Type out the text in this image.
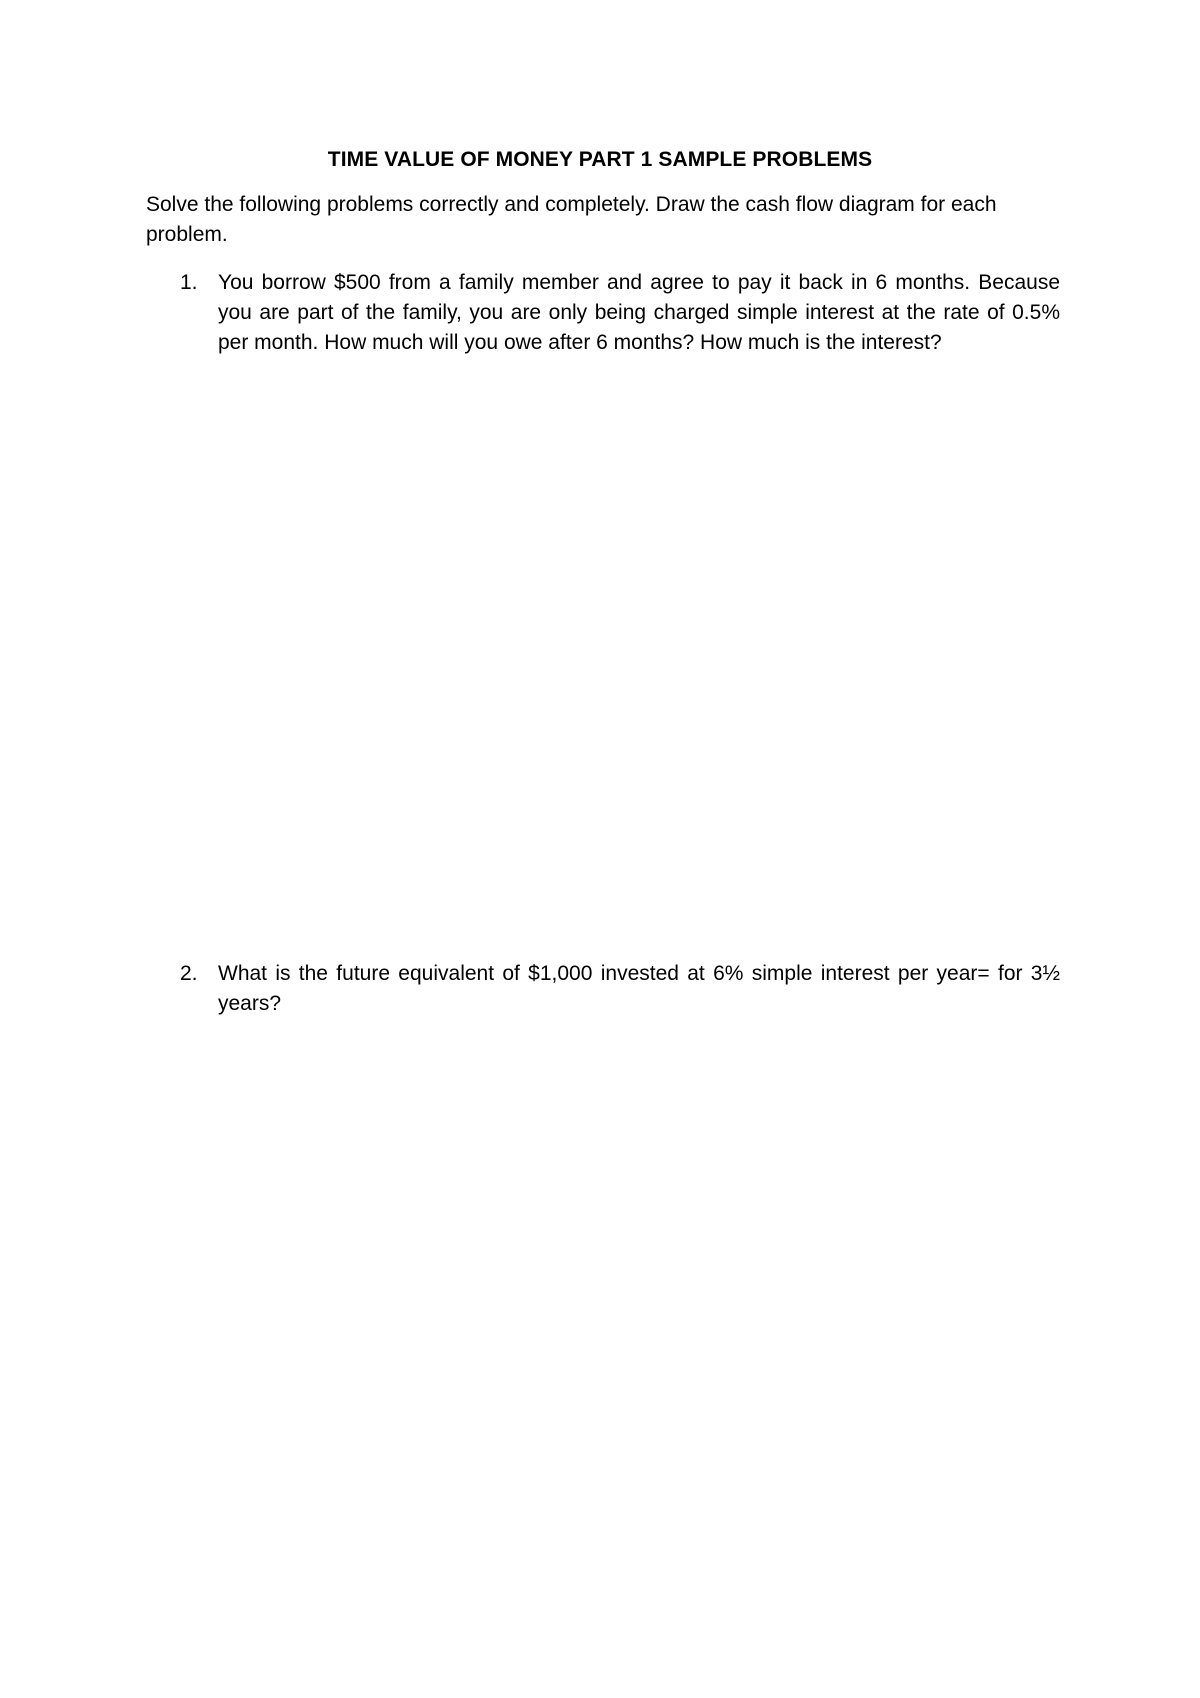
TIME VALUE OF MONEY PART 1 SAMPLE PROBLEMS
Solve the following problems correctly and completely. Draw the cash flow diagram for each problem.
1. You borrow $500 from a family member and agree to pay it back in 6 months. Because you are part of the family, you are only being charged simple interest at the rate of 0.5% per month. How much will you owe after 6 months? How much is the interest?
2. What is the future equivalent of $1,000 invested at 6% simple interest per year= for 3½ years?
